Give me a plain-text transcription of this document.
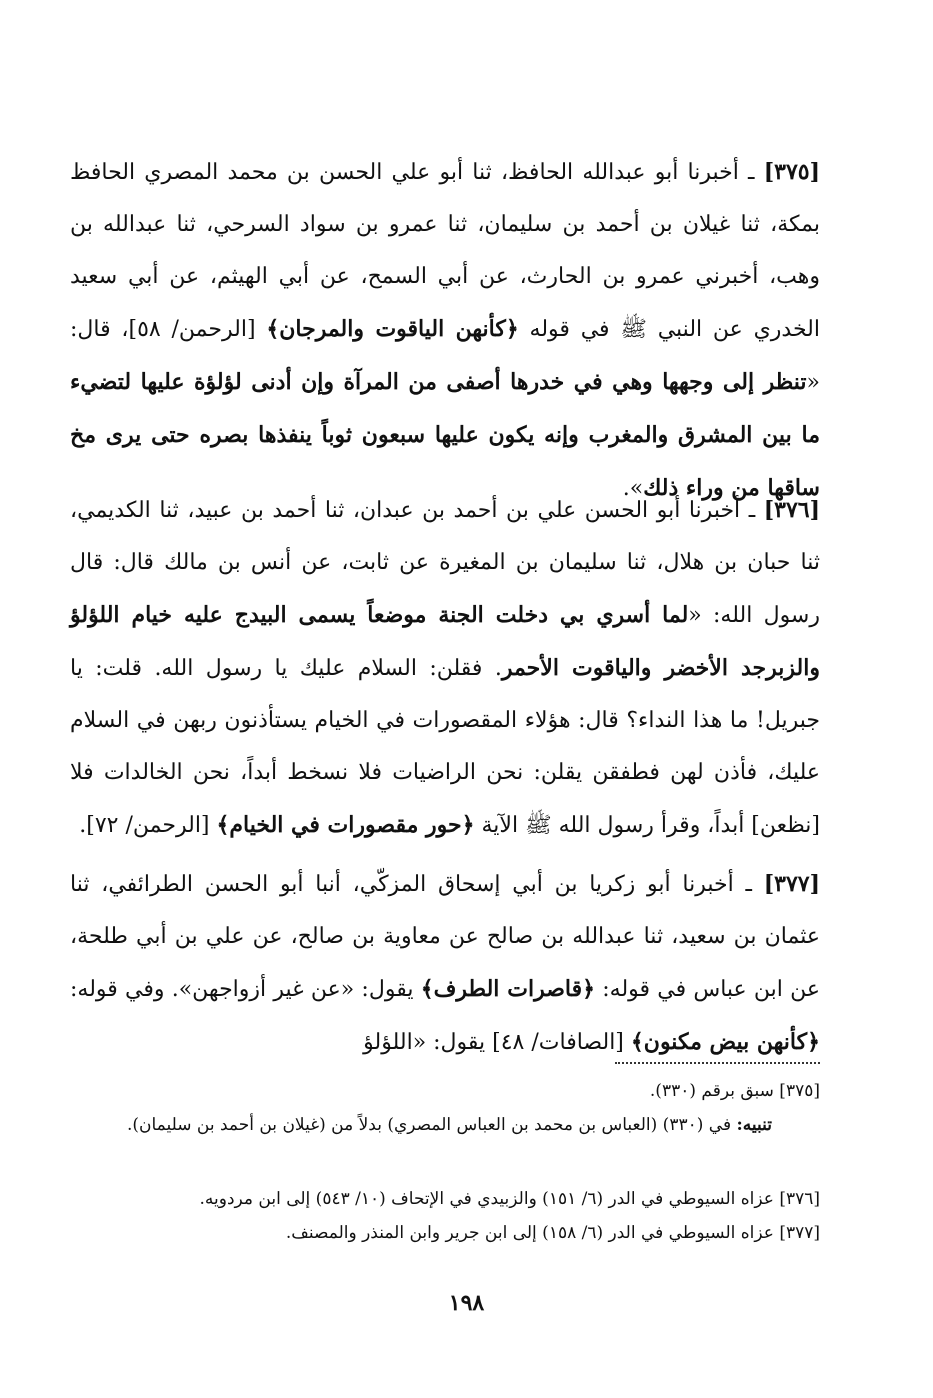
[٣٧٥] ـ أخبرنا أبو عبدالله الحافظ، ثنا أبو علي الحسن بن محمد المصري الحافظ بمكة، ثنا غيلان بن أحمد بن سليمان، ثنا عمرو بن سواد السرحي، ثنا عبدالله بن وهب، أخبرني عمرو بن الحارث، عن أبي السمح، عن أبي الهيثم، عن أبي سعيد الخدري عن النبي ﷺ في قوله ﴿كأنهن الياقوت والمرجان﴾ [الرحمن/ ٥٨]، قال: «تنظر إلى وجهها وهي في خدرها أصفى من المرآة وإن أدنى لؤلؤة عليها لتضيء ما بين المشرق والمغرب وإنه يكون عليها سبعون ثوباً ينفذها بصره حتى يرى مخ ساقها من وراء ذلك».

[٣٧٦] ـ أخبرنا أبو الحسن علي بن أحمد بن عبدان، ثنا أحمد بن عبيد، ثنا الكديمي، ثنا حبان بن هلال، ثنا سليمان بن المغيرة عن ثابت، عن أنس بن مالك قال: قال رسول الله: «لما أسري بي دخلت الجنة موضعاً يسمى البيدج عليه خيام اللؤلؤ والزبرجد الأخضر والياقوت الأحمر. فقلن: السلام عليك يا رسول الله. قلت: يا جبريل! ما هذا النداء؟ قال: هؤلاء المقصورات في الخيام يستأذنون ربهن في السلام عليك، فأذن لهن فطفقن يقلن: نحن الراضيات فلا نسخط أبداً، نحن الخالدات فلا [نظعن] أبداً، وقرأ رسول الله ﷺ الآية ﴿حور مقصورات في الخيام﴾ [الرحمن/ ٧٢].

[٣٧٧] ـ أخبرنا أبو زكريا بن أبي إسحاق المزكّي، أنبا أبو الحسن الطرائفي، ثنا عثمان بن سعيد، ثنا عبدالله بن صالح عن معاوية بن صالح، عن علي بن أبي طلحة، عن ابن عباس في قوله: ﴿قاصرات الطرف﴾ يقول: «عن غير أزواجهن». وفي قوله: ﴿كأنهن بيض مكنون﴾ [الصافات/ ٤٨] يقول: «اللؤلؤ

[٣٧٥] سبق برقم (٣٣٠).

تنبيه: في (٣٣٠) (العباس بن محمد بن العباس المصري) بدلاً من (غيلان بن أحمد بن سليمان).

[٣٧٦] عزاه السيوطي في الدر (٦/ ١٥١) والزبيدي في الإتحاف (١٠/ ٥٤٣) إلى ابن مردويه.

[٣٧٧] عزاه السيوطي في الدر (٦/ ١٥٨) إلى ابن جرير وابن المنذر والمصنف.

١٩٨
